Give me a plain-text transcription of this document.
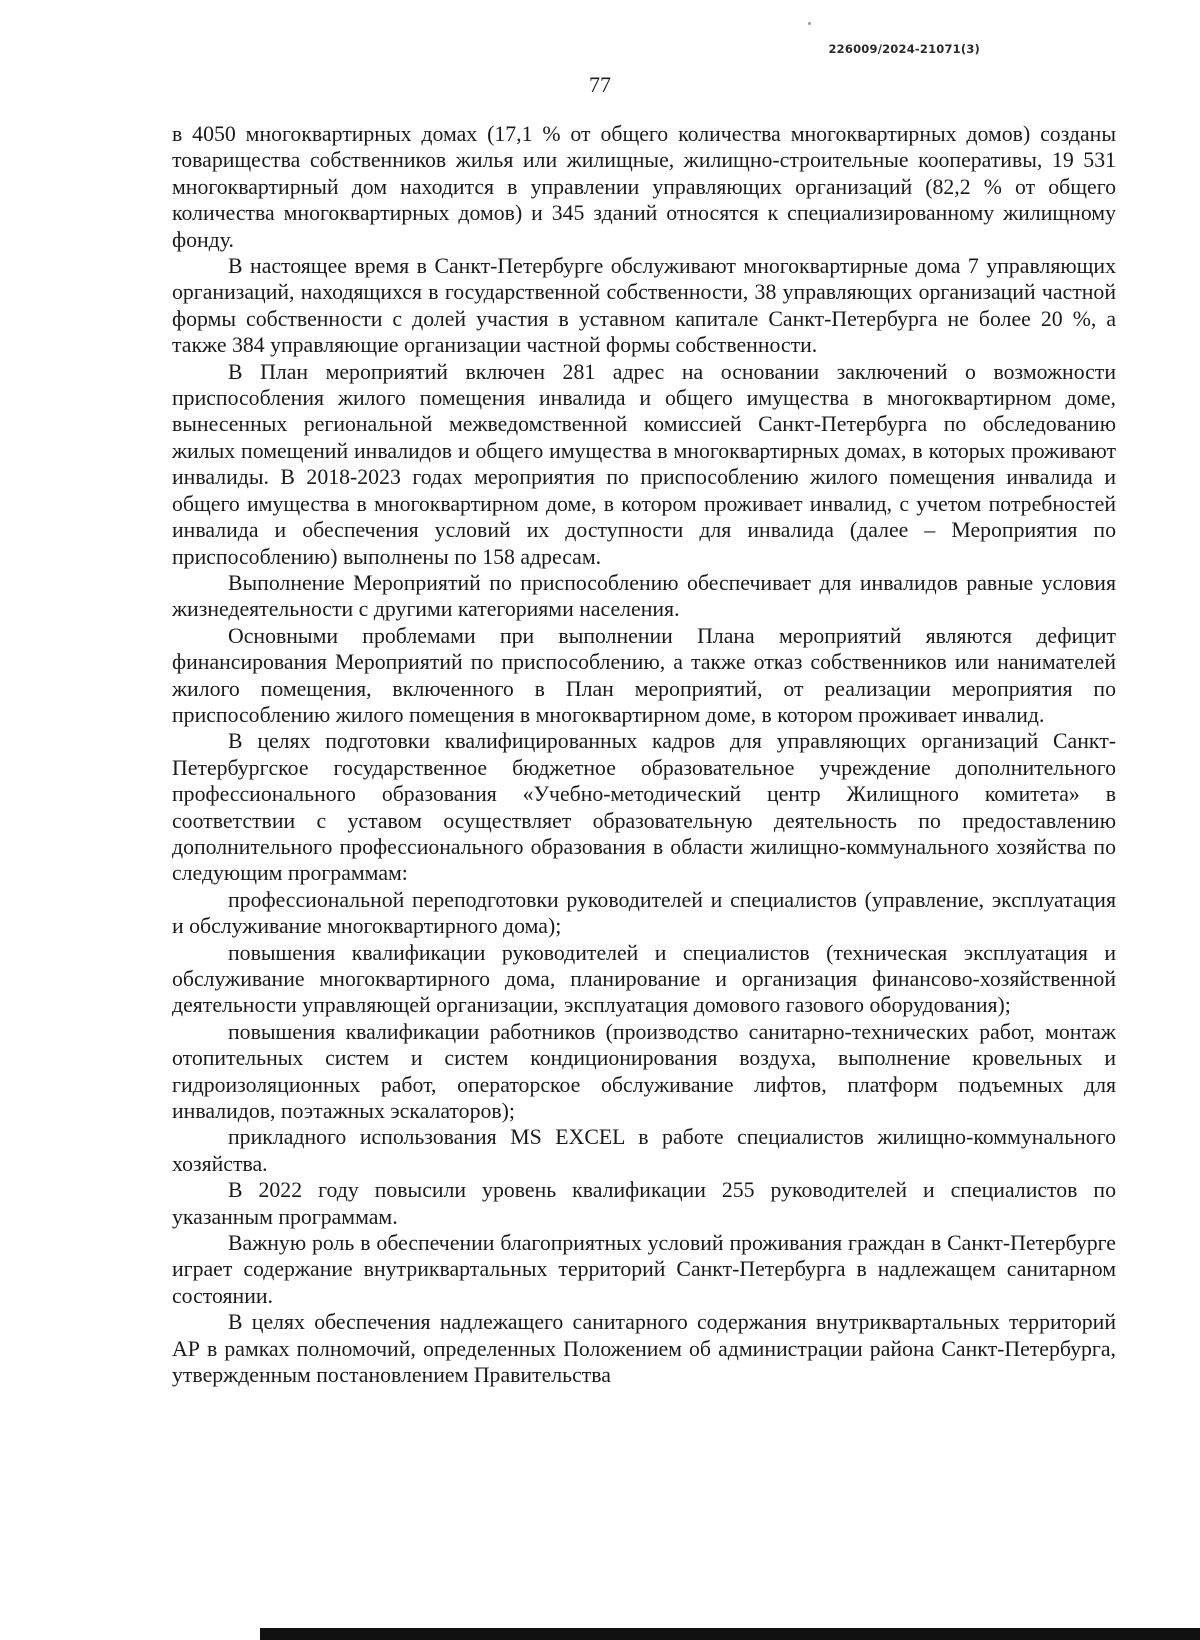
226009/2024-21071(3)
77

в 4050 многоквартирных домах (17,1 % от общего количества многоквартирных домов) созданы товарищества собственников жилья или жилищные, жилищно-строительные кооперативы, 19 531 многоквартирный дом находится в управлении управляющих организаций (82,2 % от общего количества многоквартирных домов) и 345 зданий относятся к специализированному жилищному фонду.

В настоящее время в Санкт-Петербурге обслуживают многоквартирные дома 7 управляющих организаций, находящихся в государственной собственности, 38 управляющих организаций частной формы собственности с долей участия в уставном капитале Санкт-Петербурга не более 20 %, а также 384 управляющие организации частной формы собственности.

В План мероприятий включен 281 адрес на основании заключений о возможности приспособления жилого помещения инвалида и общего имущества в многоквартирном доме, вынесенных региональной межведомственной комиссией Санкт-Петербурга по обследованию жилых помещений инвалидов и общего имущества в многоквартирных домах, в которых проживают инвалиды. В 2018-2023 годах мероприятия по приспособлению жилого помещения инвалида и общего имущества в многоквартирном доме, в котором проживает инвалид, с учетом потребностей инвалида и обеспечения условий их доступности для инвалида (далее – Мероприятия по приспособлению) выполнены по 158 адресам.

Выполнение Мероприятий по приспособлению обеспечивает для инвалидов равные условия жизнедеятельности с другими категориями населения.

Основными проблемами при выполнении Плана мероприятий являются дефицит финансирования Мероприятий по приспособлению, а также отказ собственников или нанимателей жилого помещения, включенного в План мероприятий, от реализации мероприятия по приспособлению жилого помещения в многоквартирном доме, в котором проживает инвалид.

В целях подготовки квалифицированных кадров для управляющих организаций Санкт-Петербургское государственное бюджетное образовательное учреждение дополнительного профессионального образования «Учебно-методический центр Жилищного комитета» в соответствии с уставом осуществляет образовательную деятельность по предоставлению дополнительного профессионального образования в области жилищно-коммунального хозяйства по следующим программам:

профессиональной переподготовки руководителей и специалистов (управление, эксплуатация и обслуживание многоквартирного дома);

повышения квалификации руководителей и специалистов (техническая эксплуатация и обслуживание многоквартирного дома, планирование и организация финансово-хозяйственной деятельности управляющей организации, эксплуатация домового газового оборудования);

повышения квалификации работников (производство санитарно-технических работ, монтаж отопительных систем и систем кондиционирования воздуха, выполнение кровельных и гидроизоляционных работ, операторское обслуживание лифтов, платформ подъемных для инвалидов, поэтажных эскалаторов);

прикладного использования MS EXCEL в работе специалистов жилищно-коммунального хозяйства.

В 2022 году повысили уровень квалификации 255 руководителей и специалистов по указанным программам.

Важную роль в обеспечении благоприятных условий проживания граждан в Санкт-Петербурге играет содержание внутриквартальных территорий Санкт-Петербурга в надлежащем санитарном состоянии.

В целях обеспечения надлежащего санитарного содержания внутриквартальных территорий АР в рамках полномочий, определенных Положением об администрации района Санкт-Петербурга, утвержденным постановлением Правительства
